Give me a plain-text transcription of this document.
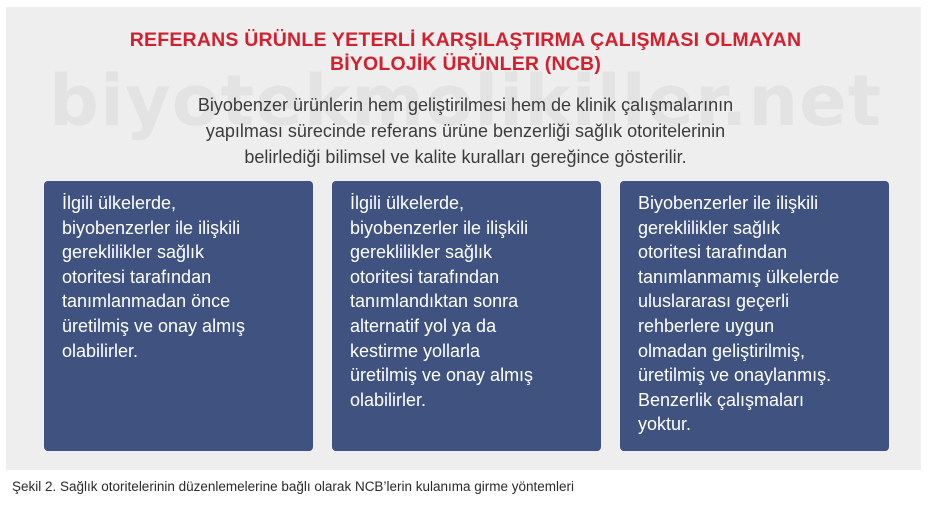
REFERANS ÜRÜNLE YETERLİ KARŞILAŞTIRMA ÇALIŞMASI OLMAYAN
BİYOLOJİK ÜRÜNLER (NCB)
Biyobenzer ürünlerin hem geliştirilmesi hem de klinik çalışmalarının
yapılması sürecinde referans ürüne benzerliği sağlık otoritelerinin
belirlediği bilimsel ve kalite kuralları gereğince gösterilir.
İlgili ülkelerde,
biyobenzerler ile ilişkili
gereklilikler sağlık
otoritesi tarafından
tanımlanmadan önce
üretilmiş ve onay almış
olabilirler.
İlgili ülkelerde,
biyobenzerler ile ilişkili
gereklilikler sağlık
otoritesi tarafından
tanımlandıktan sonra
alternatif yol ya da
kestirme yollarla
üretilmiş ve onay almış
olabilirler.
Biyobenzerler ile ilişkili
gereklilikler sağlık
otoritesi tarafından
tanımlanmamış ülkelerde
uluslararası geçerli
rehberlere uygun
olmadan geliştirilmiş,
üretilmiş ve onaylanmış.
Benzerlik çalışmaları
yoktur.
Şekil 2. Sağlık otoritelerinin düzenlemelerine bağlı olarak NCB’lerin kulanıma girme yöntemleri
